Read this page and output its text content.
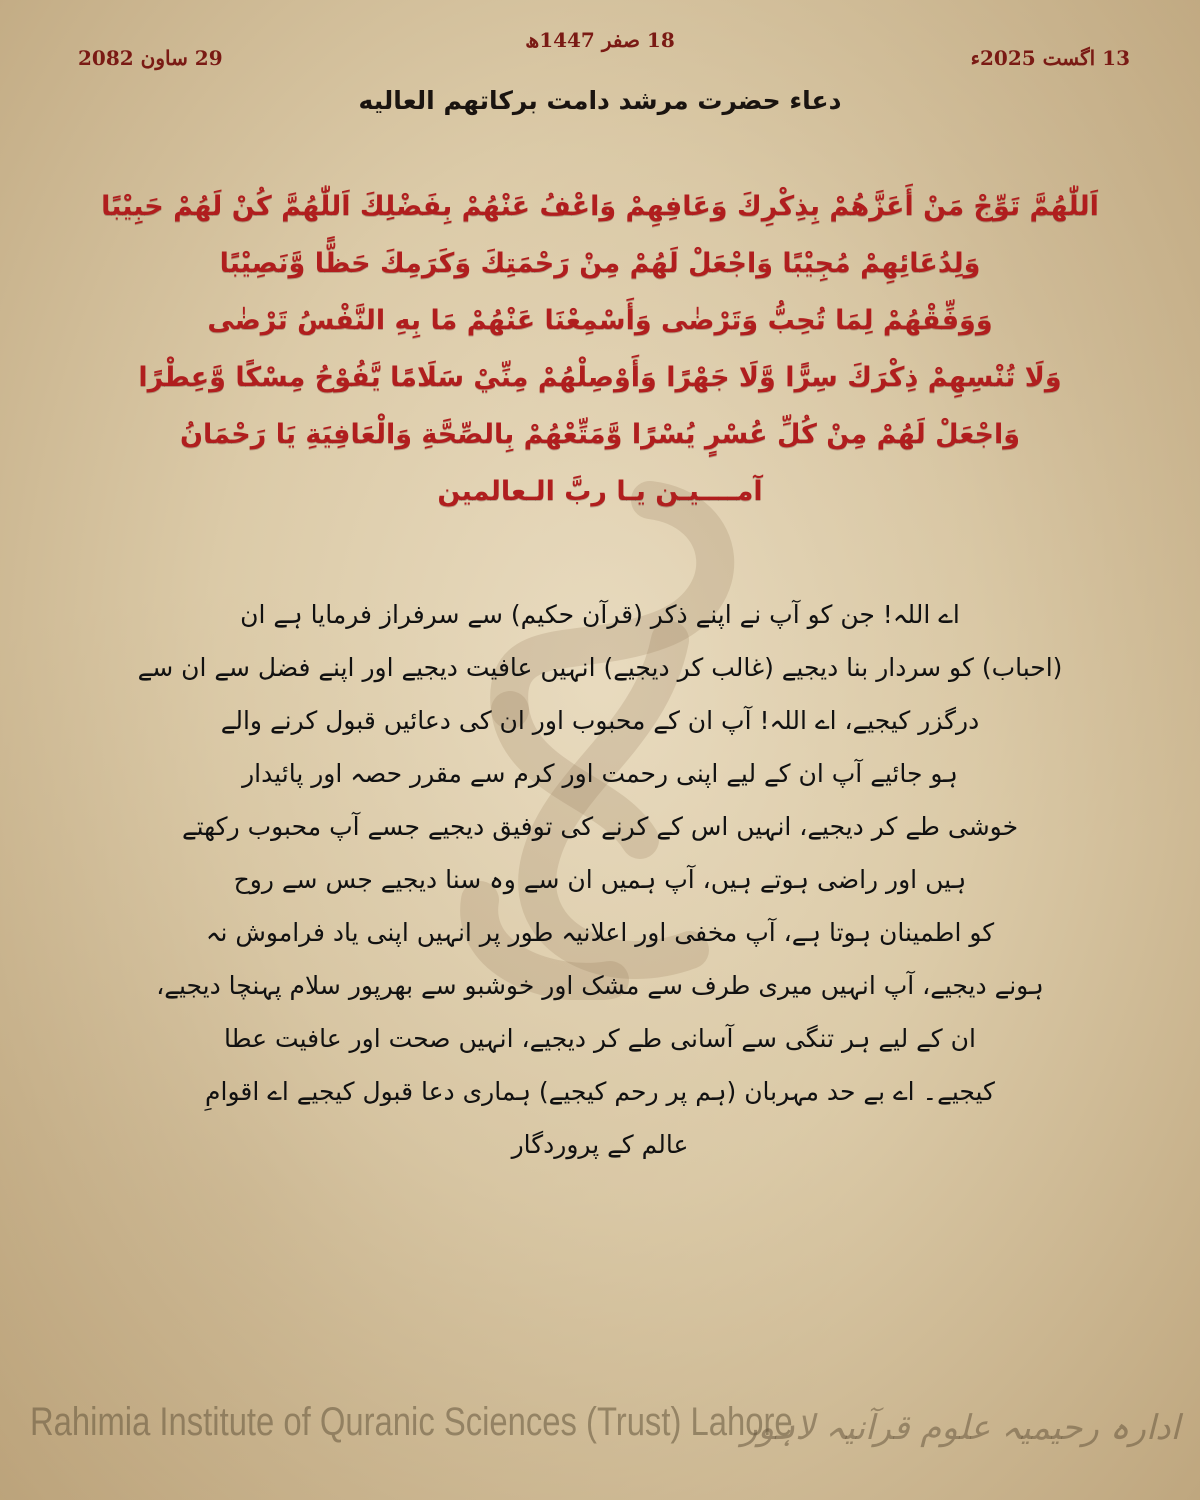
18 صفر 1447ھ
13 اگست 2025ء
29 ساون 2082
دعاء حضرت مرشد دامت برکاتهم العالیه
اَللّٰهُمَّ تَوِّجْ مَنْ أَعَزَّهُمْ بِذِكْرِكَ وَعَافِهِمْ وَاعْفُ عَنْهُمْ بِفَضْلِكَ اَللّٰهُمَّ كُنْ لَهُمْ حَبِيْبًا
وَلِدُعَائِهِمْ مُجِيْبًا وَاجْعَلْ لَهُمْ مِنْ رَحْمَتِكَ وَكَرَمِكَ حَظًّا وَّنَصِيْبًا
وَوَفِّقْهُمْ لِمَا تُحِبُّ وَتَرْضٰى وَأَسْمِعْنَا عَنْهُمْ مَا بِهِ النَّفْسُ تَرْضٰى
وَلَا تُنْسِهِمْ ذِكْرَكَ سِرًّا وَّلَا جَهْرًا وَأَوْصِلْهُمْ مِنِّيْ سَلَامًا يَّفُوْحُ مِسْكًا وَّعِطْرًا
وَاجْعَلْ لَهُمْ مِنْ كُلِّ عُسْرٍ يُسْرًا وَّمَتِّعْهُمْ بِالصِّحَّةِ وَالْعَافِيَةِ يَا رَحْمَانُ
آمــــيـن يـا ربَّ الـعالمين
اے اللہ! جن کو آپ نے اپنے ذکر (قرآن حکیم) سے سرفراز فرمایا ہے ان
(احباب) کو سردار بنا دیجیے (غالب کر دیجیے) انہیں عافیت دیجیے اور اپنے فضل سے ان سے
درگزر کیجیے، اے اللہ! آپ ان کے محبوب اور ان کی دعائیں قبول کرنے والے
ہو جائیے آپ ان کے لیے اپنی رحمت اور کرم سے مقرر حصہ اور پائیدار
خوشی طے کر دیجیے، انہیں اس کے کرنے کی توفیق دیجیے جسے آپ محبوب رکھتے
ہیں اور راضی ہوتے ہیں، آپ ہمیں ان سے وہ سنا دیجیے جس سے روح
کو اطمینان ہوتا ہے، آپ مخفی اور اعلانیہ طور پر انہیں اپنی یاد فراموش نہ
ہونے دیجیے، آپ انہیں میری طرف سے مشک اور خوشبو سے بھرپور سلام پہنچا دیجیے،
ان کے لیے ہر تنگی سے آسانی طے کر دیجیے، انہیں صحت اور عافیت عطا
کیجیے۔ اے بے حد مہربان (ہم پر رحم کیجیے) ہماری دعا قبول کیجیے اے اقوامِ
عالم کے پروردگار
Rahimia Institute of Quranic Sciences (Trust) Lahore
ادارہ رحیمیہ علوم قرآنیہ لاہور
